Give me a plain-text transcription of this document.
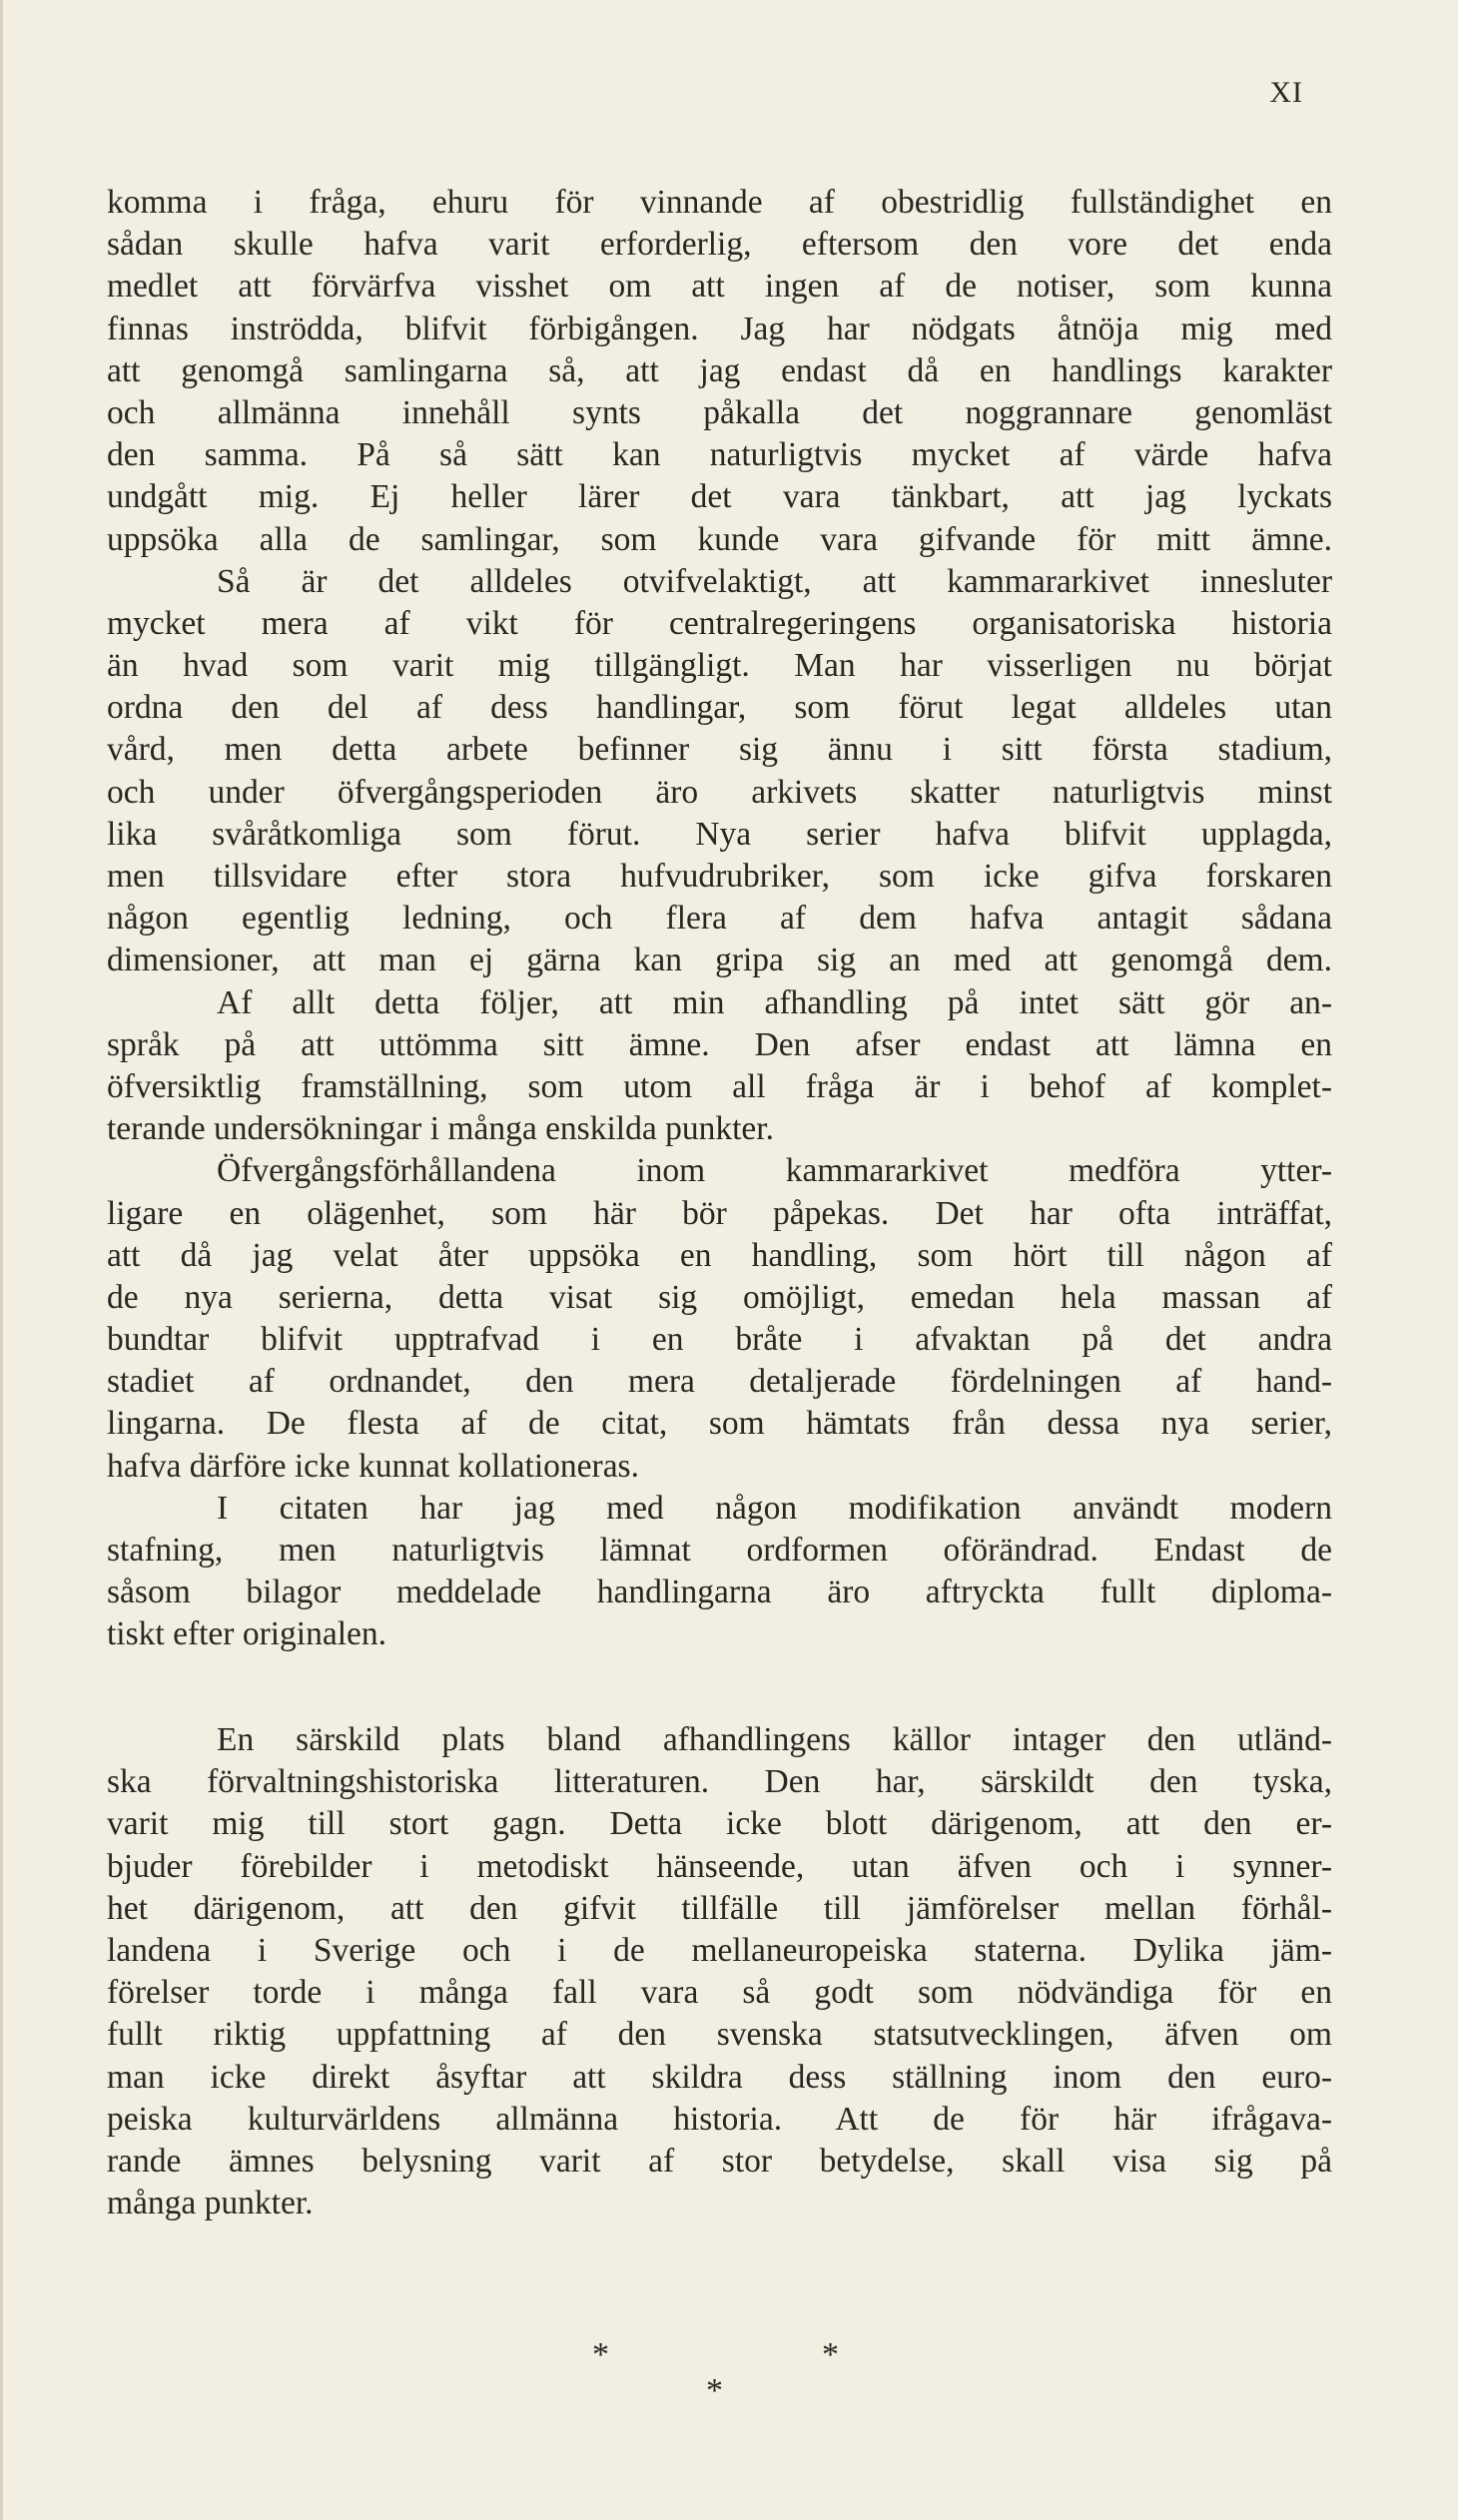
XI
komma i fråga, ehuru för vinnande af obestridlig fullständighet en
sådan skulle hafva varit erforderlig, eftersom den vore det enda
medlet att förvärfva visshet om att ingen af de notiser, som kunna
finnas inströdda, blifvit förbigången. Jag har nödgats åtnöja mig med
att genomgå samlingarna så, att jag endast då en handlings karakter
och allmänna innehåll synts påkalla det noggrannare genomläst
den samma. På så sätt kan naturligtvis mycket af värde hafva
undgått mig. Ej heller lärer det vara tänkbart, att jag lyckats
uppsöka alla de samlingar, som kunde vara gifvande för mitt ämne.
Så är det alldeles otvifvelaktigt, att kammararkivet innesluter
mycket mera af vikt för centralregeringens organisatoriska historia
än hvad som varit mig tillgängligt. Man har visserligen nu börjat
ordna den del af dess handlingar, som förut legat alldeles utan
vård, men detta arbete befinner sig ännu i sitt första stadium,
och under öfvergångsperioden äro arkivets skatter naturligtvis minst
lika svåråtkomliga som förut. Nya serier hafva blifvit upplagda,
men tillsvidare efter stora hufvudrubriker, som icke gifva forskaren
någon egentlig ledning, och flera af dem hafva antagit sådana
dimensioner, att man ej gärna kan gripa sig an med att genomgå dem.
Af allt detta följer, att min afhandling på intet sätt gör an-
språk på att uttömma sitt ämne. Den afser endast att lämna en
öfversiktlig framställning, som utom all fråga är i behof af komplet-
terande undersökningar i många enskilda punkter.
Öfvergångsförhållandena inom kammararkivet medföra ytter-
ligare en olägenhet, som här bör påpekas. Det har ofta inträffat,
att då jag velat åter uppsöka en handling, som hört till någon af
de nya serierna, detta visat sig omöjligt, emedan hela massan af
bundtar blifvit upptrafvad i en bråte i afvaktan på det andra
stadiet af ordnandet, den mera detaljerade fördelningen af hand-
lingarna. De flesta af de citat, som hämtats från dessa nya serier,
hafva därföre icke kunnat kollationeras.
I citaten har jag med någon modifikation användt modern
stafning, men naturligtvis lämnat ordformen oförändrad. Endast de
såsom bilagor meddelade handlingarna äro aftryckta fullt diploma-
tiskt efter originalen.
En särskild plats bland afhandlingens källor intager den utländ-
ska förvaltningshistoriska litteraturen. Den har, särskildt den tyska,
varit mig till stort gagn. Detta icke blott därigenom, att den er-
bjuder förebilder i metodiskt hänseende, utan äfven och i synner-
het därigenom, att den gifvit tillfälle till jämförelser mellan förhål-
landena i Sverige och i de mellaneuropeiska staterna. Dylika jäm-
förelser torde i många fall vara så godt som nödvändiga för en
fullt riktig uppfattning af den svenska statsutvecklingen, äfven om
man icke direkt åsyftar att skildra dess ställning inom den euro-
peiska kulturvärldens allmänna historia. Att de för här ifrågava-
rande ämnes belysning varit af stor betydelse, skall visa sig på
många punkter.
*	*
*
